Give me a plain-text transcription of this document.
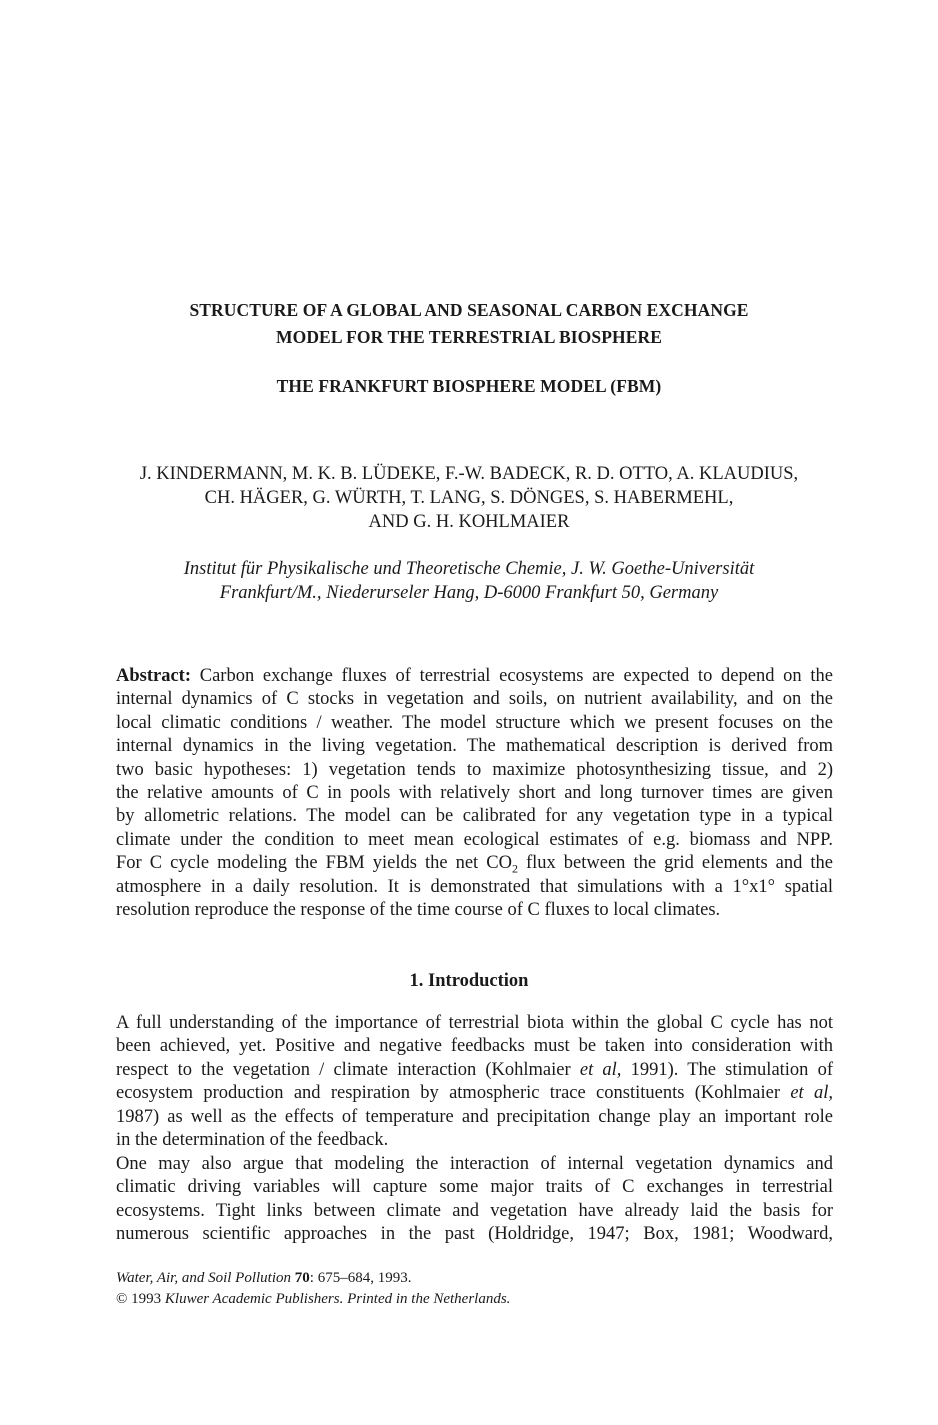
STRUCTURE OF A GLOBAL AND SEASONAL CARBON EXCHANGE
MODEL FOR THE TERRESTRIAL BIOSPHERE
THE FRANKFURT BIOSPHERE MODEL (FBM)
J. KINDERMANN, M. K. B. LÜDEKE, F.-W. BADECK, R. D. OTTO, A. KLAUDIUS,
CH. HÄGER, G. WÜRTH, T. LANG, S. DÖNGES, S. HABERMEHL,
AND G. H. KOHLMAIER
Institut für Physikalische und Theoretische Chemie, J. W. Goethe-Universität
Frankfurt/M., Niederurseler Hang, D-6000 Frankfurt 50, Germany
Abstract: Carbon exchange fluxes of terrestrial ecosystems are expected to depend on the
internal dynamics of C stocks in vegetation and soils, on nutrient availability, and on the
local climatic conditions / weather. The model structure which we present focuses on the
internal dynamics in the living vegetation. The mathematical description is derived from
two basic hypotheses: 1) vegetation tends to maximize photosynthesizing tissue, and 2)
the relative amounts of C in pools with relatively short and long turnover times are given
by allometric relations. The model can be calibrated for any vegetation type in a typical
climate under the condition to meet mean ecological estimates of e.g. biomass and NPP.
For C cycle modeling the FBM yields the net $CO_2$ flux between the grid elements and the
atmosphere in a daily resolution. It is demonstrated that simulations with a 1°x1° spatial
resolution reproduce the response of the time course of C fluxes to local climates.
1. Introduction
A full understanding of the importance of terrestrial biota within the global C cycle has not
been achieved, yet. Positive and negative feedbacks must be taken into consideration with
respect to the vegetation / climate interaction (Kohlmaier et al, 1991). The stimulation of
ecosystem production and respiration by atmospheric trace constituents (Kohlmaier et al,
1987) as well as the effects of temperature and precipitation change play an important role
in the determination of the feedback.
One may also argue that modeling the interaction of internal vegetation dynamics and
climatic driving variables will capture some major traits of C exchanges in terrestrial
ecosystems. Tight links between climate and vegetation have already laid the basis for
numerous scientific approaches in the past (Holdridge, 1947; Box, 1981; Woodward,
Water, Air, and Soil Pollution 70: 675–684, 1993.
© 1993 Kluwer Academic Publishers. Printed in the Netherlands.
